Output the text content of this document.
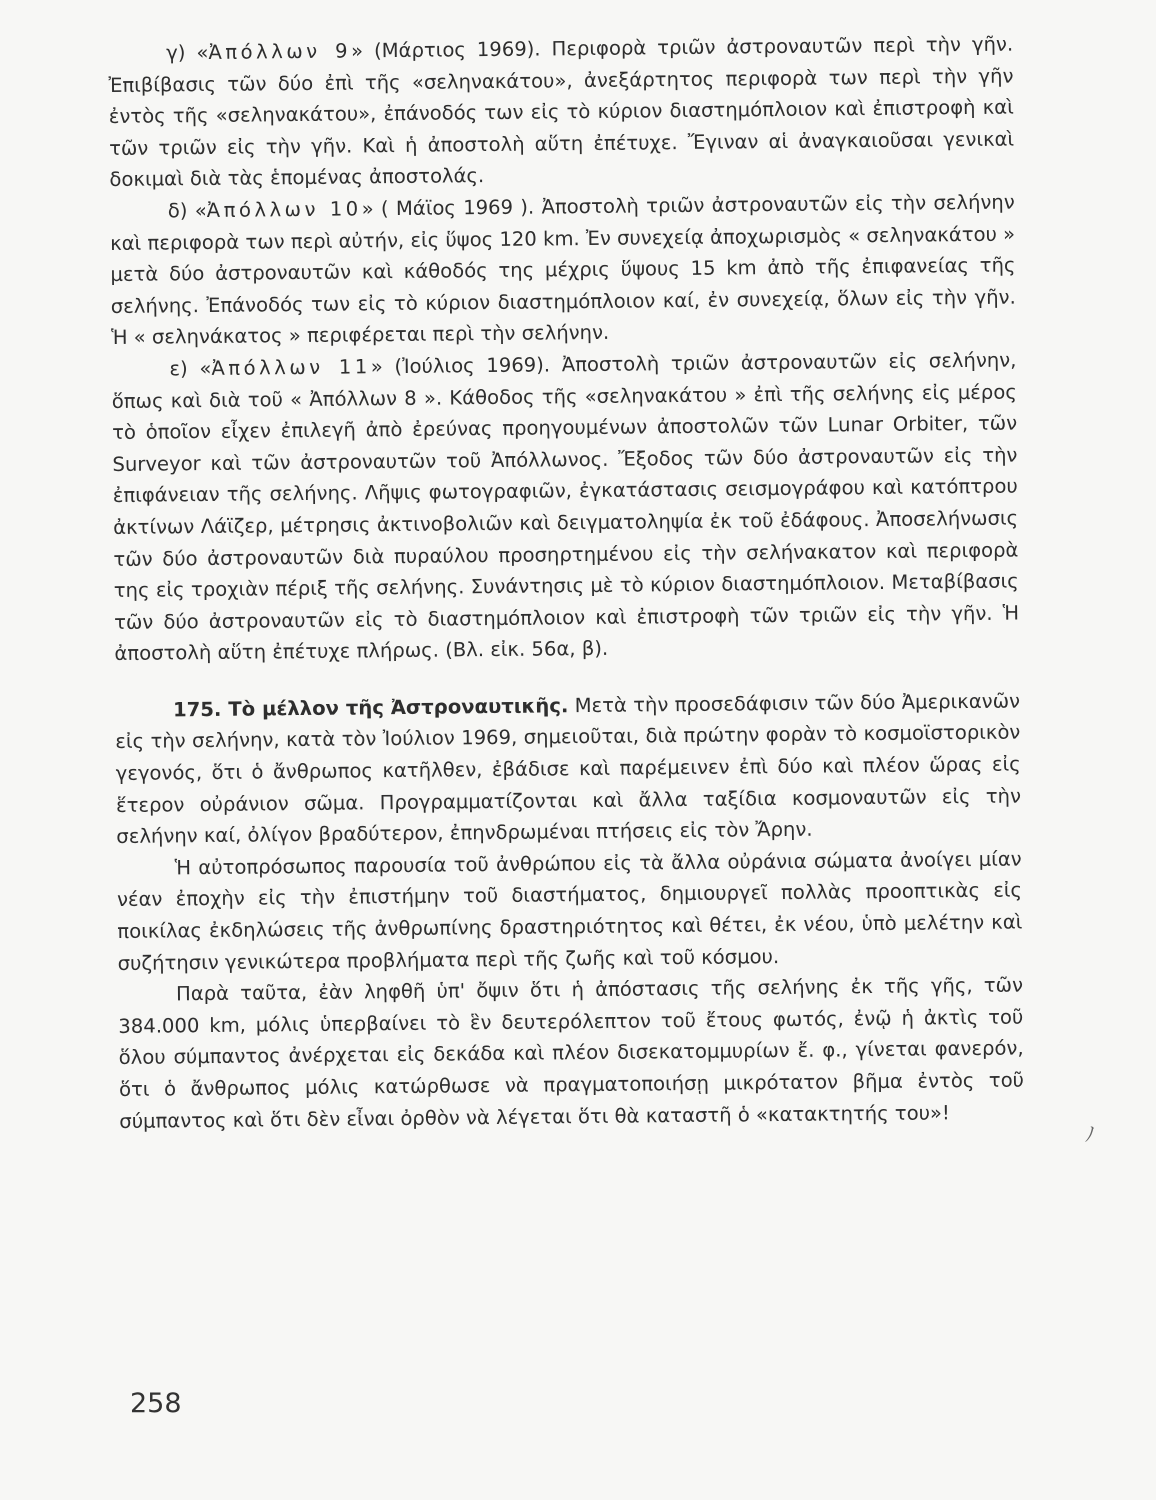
γ) «Ἀπόλλων 9» (Μάρτιος 1969). Περιφορὰ τριῶν ἀστροναυτῶν περὶ τὴν γῆν. Ἐπιβίβασις τῶν δύο ἐπὶ τῆς «σεληνακάτου», ἀνεξάρτητος περιφορὰ των περὶ τὴν γῆν ἐντὸς τῆς «σεληνακάτου», ἐπάνοδός των εἰς τὸ κύριον διαστημόπλοιον καὶ ἐπιστροφὴ καὶ τῶν τριῶν εἰς τὴν γῆν. Καὶ ἡ ἀποστολὴ αὕτη ἐπέτυχε. Ἔγιναν αἱ ἀναγκαιοῦσαι γενικαὶ δοκιμαὶ διὰ τὰς ἑπομένας ἀποστολάς.

δ) «Ἀπόλλων 10» ( Μάϊος 1969 ). Ἀποστολὴ τριῶν ἀστροναυτῶν εἰς τὴν σελήνην καὶ περιφορὰ των περὶ αὐτήν, εἰς ὕψος 120 km. Ἐν συνεχείᾳ ἀποχωρισμὸς « σεληνακάτου » μετὰ δύο ἀστροναυτῶν καὶ κάθοδός της μέχρις ὕψους 15 km ἀπὸ τῆς ἐπιφανείας τῆς σελήνης. Ἐπάνοδός των εἰς τὸ κύριον διαστημόπλοιον καί, ἐν συνεχείᾳ, ὅλων εἰς τὴν γῆν. Ἡ « σεληνάκατος » περιφέρεται περὶ τὴν σελήνην.

ε) «Ἀπόλλων 11» (Ἰούλιος 1969). Ἀποστολὴ τριῶν ἀστροναυτῶν εἰς σελήνην, ὅπως καὶ διὰ τοῦ « Ἀπόλλων 8 ». Κάθοδος τῆς «σεληνακάτου » ἐπὶ τῆς σελήνης εἰς μέρος τὸ ὁποῖον εἶχεν ἐπιλεγῆ ἀπὸ ἐρεύνας προηγουμένων ἀποστολῶν τῶν Lunar Orbiter, τῶν Surveyor καὶ τῶν ἀστροναυτῶν τοῦ Ἀπόλλωνος. Ἔξοδος τῶν δύο ἀστροναυτῶν εἰς τὴν ἐπιφάνειαν τῆς σελήνης. Λῆψις φωτογραφιῶν, ἐγκατάστασις σεισμογράφου καὶ κατόπτρου ἀκτίνων Λάϊζερ, μέτρησις ἀκτινοβολιῶν καὶ δειγματοληψία ἐκ τοῦ ἐδάφους. Ἀποσελήνωσις τῶν δύο ἀστροναυτῶν διὰ πυραύλου προσηρτημένου εἰς τὴν σελήνακατον καὶ περιφορὰ της εἰς τροχιὰν πέριξ τῆς σελήνης. Συνάντησις μὲ τὸ κύριον διαστημόπλοιον. Μεταβίβασις τῶν δύο ἀστροναυτῶν εἰς τὸ διαστημόπλοιον καὶ ἐπιστροφὴ τῶν τριῶν εἰς τὴν γῆν. Ἡ ἀποστολὴ αὕτη ἐπέτυχε πλήρως. (Βλ. εἰκ. 56α, β).

175. Τὸ μέλλον τῆς Ἀστροναυτικῆς. Μετὰ τὴν προσεδάφισιν τῶν δύο Ἀμερικανῶν εἰς τὴν σελήνην, κατὰ τὸν Ἰούλιον 1969, σημειοῦται, διὰ πρώτην φορὰν τὸ κοσμοϊστορικὸν γεγονός, ὅτι ὁ ἄνθρωπος κατῆλθεν, ἐβάδισε καὶ παρέμεινεν ἐπὶ δύο καὶ πλέον ὥρας εἰς ἕτερον οὐράνιον σῶμα. Προγραμματίζονται καὶ ἄλλα ταξίδια κοσμοναυτῶν εἰς τὴν σελήνην καί, ὀλίγον βραδύτερον, ἐπηνδρωμέναι πτήσεις εἰς τὸν Ἄρην.

Ἡ αὐτοπρόσωπος παρουσία τοῦ ἀνθρώπου εἰς τὰ ἄλλα οὐράνια σώματα ἀνοίγει μίαν νέαν ἐποχὴν εἰς τὴν ἐπιστήμην τοῦ διαστήματος, δημιουργεῖ πολλὰς προοπτικὰς εἰς ποικίλας ἐκδηλώσεις τῆς ἀνθρωπίνης δραστηριότητος καὶ θέτει, ἐκ νέου, ὑπὸ μελέτην καὶ συζήτησιν γενικώτερα προβλήματα περὶ τῆς ζωῆς καὶ τοῦ κόσμου.

Παρὰ ταῦτα, ἐὰν ληφθῆ ὑπ' ὄψιν ὅτι ἡ ἀπόστασις τῆς σελήνης ἐκ τῆς γῆς, τῶν 384.000 km, μόλις ὑπερβαίνει τὸ ἓν δευτερόλεπτον τοῦ ἔτους φωτός, ἐνῷ ἡ ἀκτὶς τοῦ ὅλου σύμπαντος ἀνέρχεται εἰς δεκάδα καὶ πλέον δισεκατομμυρίων ἔ. φ., γίνεται φανερόν, ὅτι ὁ ἄνθρωπος μόλις κατώρθωσε νὰ πραγματοποιήσῃ μικρότατον βῆμα ἐντὸς τοῦ σύμπαντος καὶ ὅτι δὲν εἶναι ὀρθὸν νὰ λέγεται ὅτι θὰ καταστῆ ὁ «κατακτητής του»!

ﾉ
258
